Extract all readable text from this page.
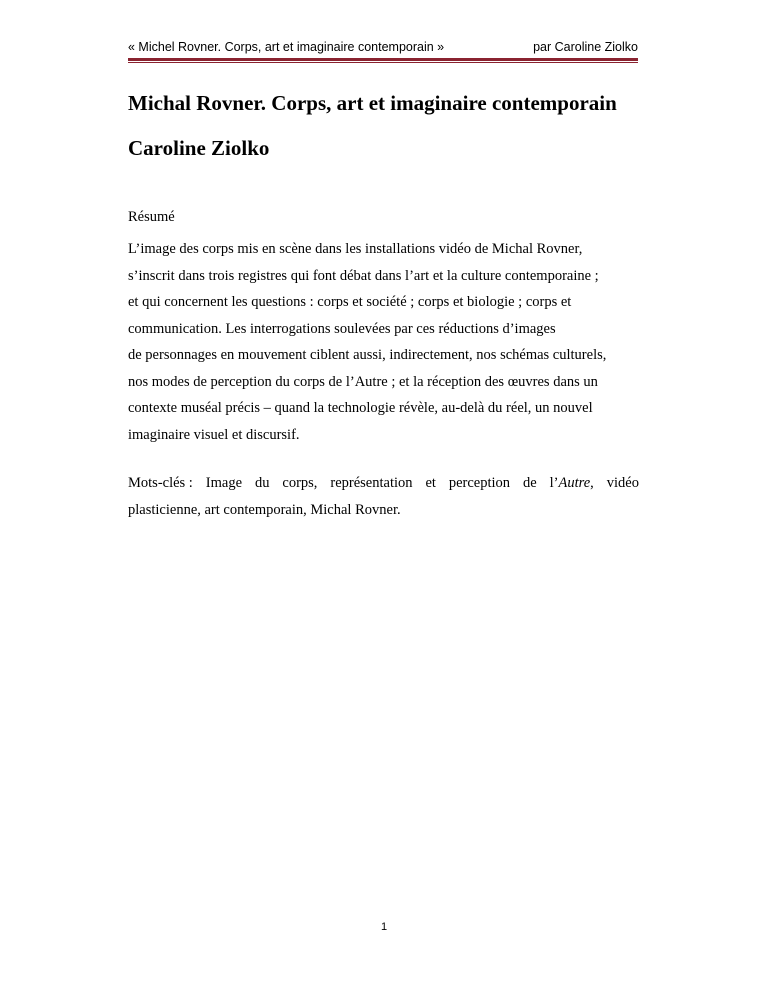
« Michel Rovner. Corps, art et imaginaire contemporain »	par Caroline Ziolko
Michal Rovner. Corps, art et imaginaire contemporain
Caroline Ziolko
Résumé
L’image des corps mis en scène dans les installations vidéo de Michal Rovner,
s’inscrit dans trois registres qui font débat dans l’art et la culture contemporaine ;
et qui concernent les questions : corps et société ; corps et biologie ; corps et
communication. Les interrogations soulevées par ces réductions d’images
de personnages en mouvement ciblent aussi, indirectement, nos schémas culturels,
nos modes de perception du corps de l’Autre ; et la réception des œuvres dans un
contexte muséal précis – quand la technologie révèle, au-delà du réel, un nouvel
imaginaire visuel et discursif.
Mots-clés : Image du corps, représentation et perception de l’Autre, vidéo
plasticienne, art contemporain, Michal Rovner.
1
